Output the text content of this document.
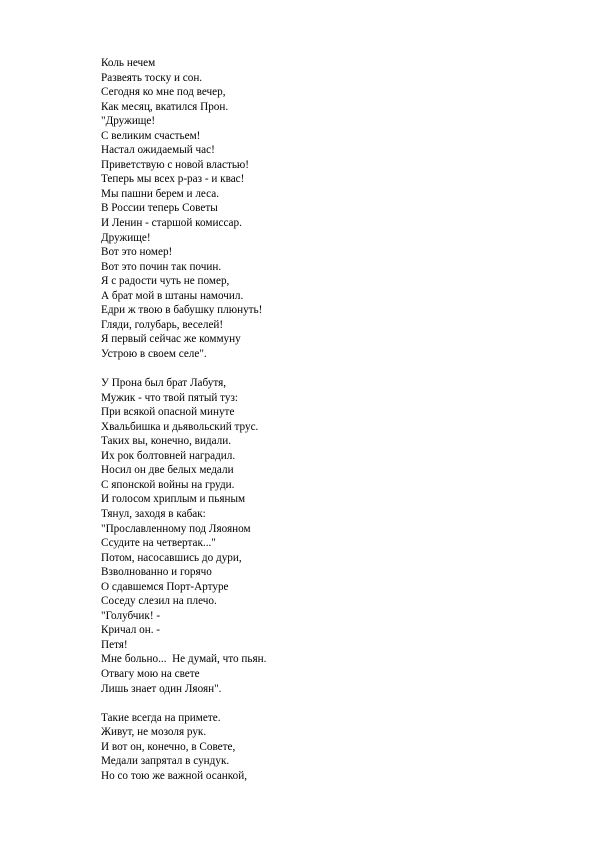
Коль нечем
Развеять тоску и сон.
Сегодня ко мне под вечер,
Как месяц, вкатился Прон.
"Дружище!
С великим счастьем!
Настал ожидаемый час!
Приветствую с новой властью!
Теперь мы всех р-раз - и квас!
Мы пашни берем и леса.
В России теперь Советы
И Ленин - старшой комиссар.
Дружище!
Вот это номер!
Вот это почин так почин.
Я с радости чуть не помер,
А брат мой в штаны намочил.
Едри ж твою в бабушку плюнуть!
Гляди, голубарь, веселей!
Я первый сейчас же коммуну
Устрою в своем селе".
У Прона был брат Лабутя,
Мужик - что твой пятый туз:
При всякой опасной минуте
Хвальбишка и дьявольский трус.
Таких вы, конечно, видали.
Их рок болтовней наградил.
Носил он две белых медали
С японской войны на груди.
И голосом хриплым и пьяным
Тянул, заходя в кабак:
"Прославленному под Ляояном
Ссудите на четвертак..."
Потом, насосавшись до дури,
Взволнованно и горячо
О сдавшемся Порт-Артуре
Соседу слезил на плечо.
"Голубчик! -
Кричал он. -
Петя!
Мне больно...  Не думай, что пьян.
Отвагу мою на свете
Лишь знает один Ляоян".
Такие всегда на примете.
Живут, не мозоля рук.
И вот он, конечно, в Совете,
Медали запрятал в сундук.
Но со тою же важной осанкой,
